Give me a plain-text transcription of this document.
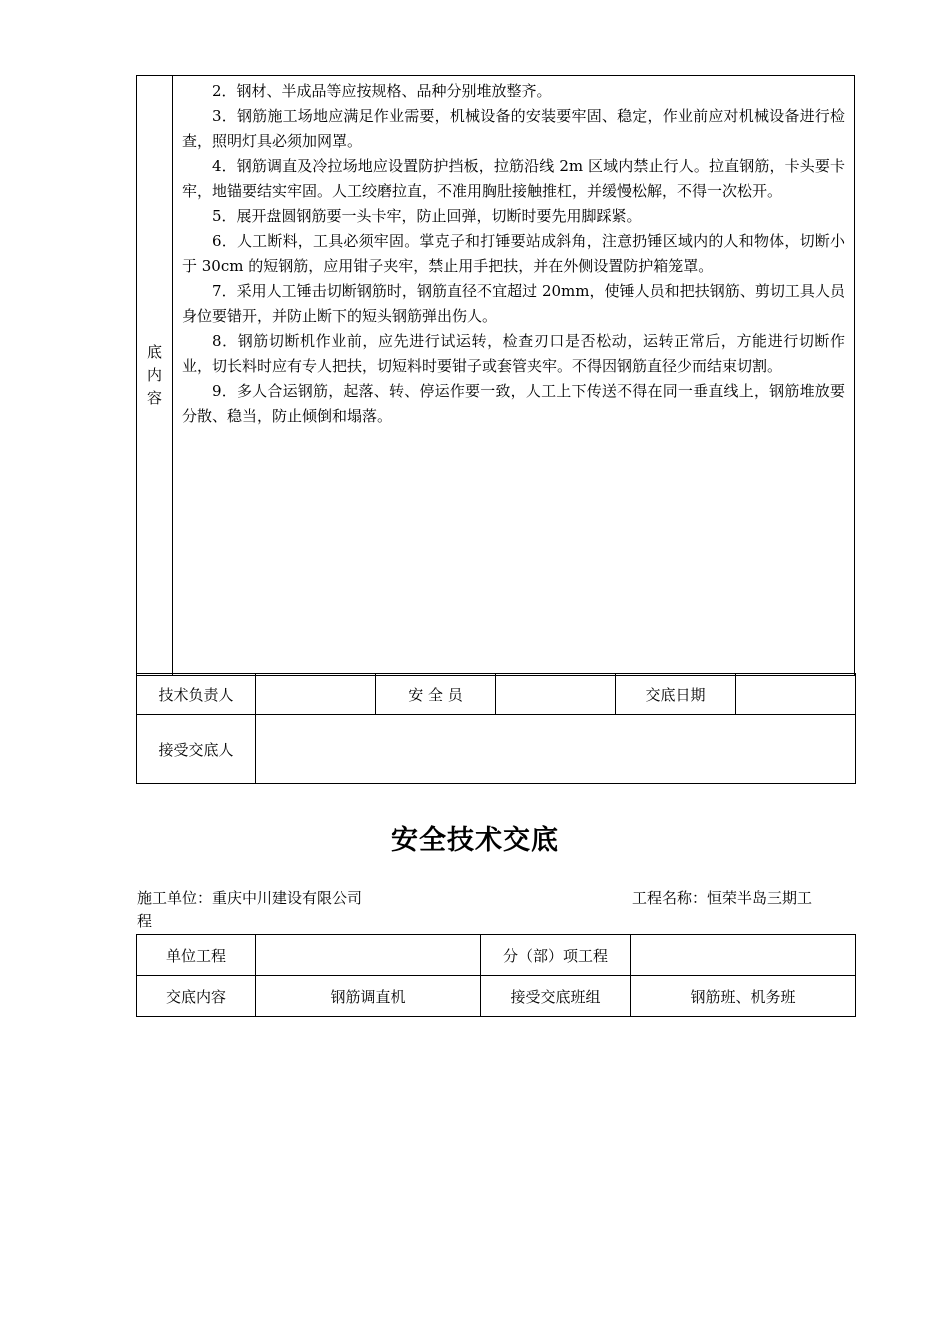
底
内
容

2．钢材、半成品等应按规格、品种分别堆放整齐。

3．钢筋施工场地应满足作业需要，机械设备的安装要牢固、稳定，作业前应对机械设备进行检查，照明灯具必须加网罩。

4．钢筋调直及冷拉场地应设置防护挡板，拉筋沿线 2m 区域内禁止行人。拉直钢筋，卡头要卡牢，地锚要结实牢固。人工绞磨拉直，不准用胸肚接触推杠，并缓慢松解，不得一次松开。

5．展开盘圆钢筋要一头卡牢，防止回弹，切断时要先用脚踩紧。

6．人工断料，工具必须牢固。掌克子和打锤要站成斜角，注意扔锤区域内的人和物体，切断小于 30cm 的短钢筋，应用钳子夹牢，禁止用手把扶，并在外侧设置防护箱笼罩。

7．采用人工锤击切断钢筋时，钢筋直径不宜超过 20mm，使锤人员和把扶钢筋、剪切工具人员身位要错开，并防止断下的短头钢筋弹出伤人。

8．钢筋切断机作业前，应先进行试运转，检查刃口是否松动，运转正常后，方能进行切断作业，切长料时应有专人把扶，切短料时要钳子或套管夹牢。不得因钢筋直径少而结束切割。

9．多人合运钢筋，起落、转、停运作要一致，人工上下传送不得在同一垂直线上，钢筋堆放要分散、稳当，防止倾倒和塌落。

技术负责人		安 全 员		交底日期	
接受交底人					
安全技术交底
施工单位：重庆中川建设有限公司	工程名称：恒荣半岛三期工
程
单位工程		分（部）项工程	
交底内容	钢筋调直机	接受交底班组	钢筋班、机务班
